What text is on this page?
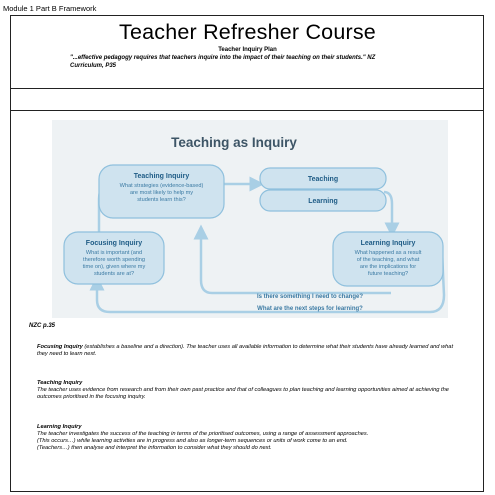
Module 1 Part B Framework
Teacher Refresher Course
Teacher Inquiry Plan
"...effective pedagogy requires that teachers inquire into the impact of their teaching on their students." NZ Curriculum, P35
Teaching as Inquiry
Teaching Inquiry
What strategies (evidence-based)
are most likely to help my
students learn this?
Teaching
Learning
Focusing Inquiry
What is important (and
therefore worth spending
time on), given where my
students are at?
Learning Inquiry
What happened as a result
of the teaching, and what
are the implications for
future teaching?
Is there something I need to change?
What are the next steps for learning?
NZC p.35
Focusing Inquiry (establishes a baseline and a direction). The teacher uses all available information to determine what their students have already learned and what they need to learn next.
Teaching Inquiry
The teacher uses evidence from research and from their own past practice and that of colleagues to plan teaching and learning opportunities aimed at achieving the outcomes prioritised in the focusing inquiry.
Learning Inquiry
The teacher investigates the success of the teaching in terms of the prioritised outcomes, using a range of assessment approaches.
(This occurs…) while learning activities are in progress and also as longer-term sequences or units of work come to an end.
(Teachers…) then analyse and interpret the information to consider what they should do next.
